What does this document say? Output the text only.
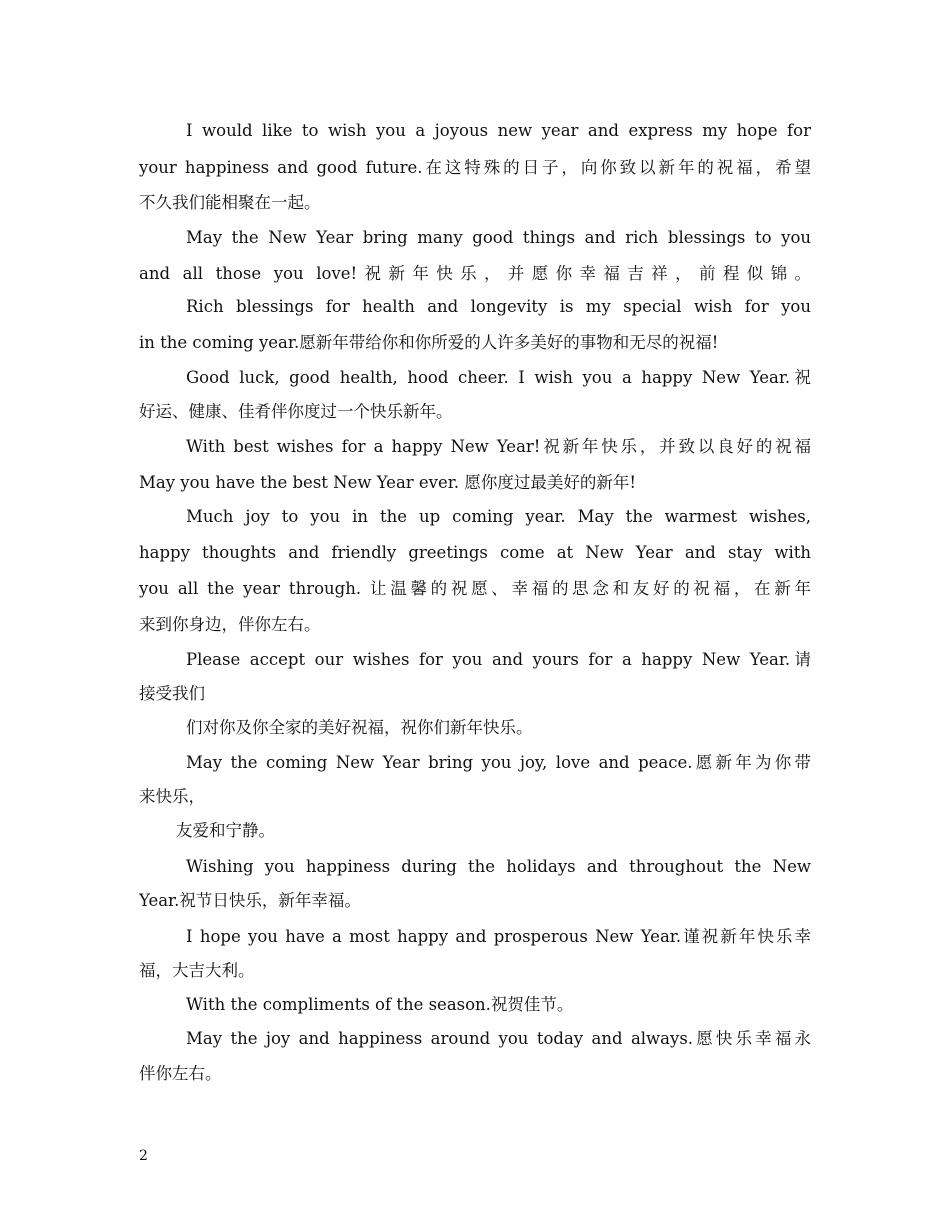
I would like to wish you a joyous new year and express my hope for
your happiness and good future.在这特殊的日子，向你致以新年的祝福，希望
不久我们能相聚在一起。
May the New Year bring many good things and rich blessings to you
and all those you love!祝新年快乐，并愿你幸福吉祥，前程似锦。
Rich blessings for health and longevity is my special wish for you
in the coming year.愿新年带给你和你所爱的人许多美好的事物和无尽的祝福!
Good luck, good health, hood cheer. I wish you a happy New Year.祝
好运、健康、佳肴伴你度过一个快乐新年。
With best wishes for a happy New Year!祝新年快乐，并致以良好的祝福
May you have the best New Year ever. 愿你度过最美好的新年!
Much joy to you in the up coming year. May the warmest wishes,
happy thoughts and friendly greetings come at New Year and stay with
you all the year through. 让温馨的祝愿、幸福的思念和友好的祝福，在新年
来到你身边，伴你左右。
Please accept our wishes for you and yours for a happy New Year.请
接受我们
们对你及你全家的美好祝福，祝你们新年快乐。
May the coming New Year bring you joy, love and peace.愿新年为你带
来快乐，
友爱和宁静。
Wishing you happiness during the holidays and throughout the New
Year.祝节日快乐，新年幸福。
I hope you have a most happy and prosperous New Year.谨祝新年快乐幸
福，大吉大利。
With the compliments of the season.祝贺佳节。
May the joy and happiness around you today and always.愿快乐幸福永
伴你左右。
2
